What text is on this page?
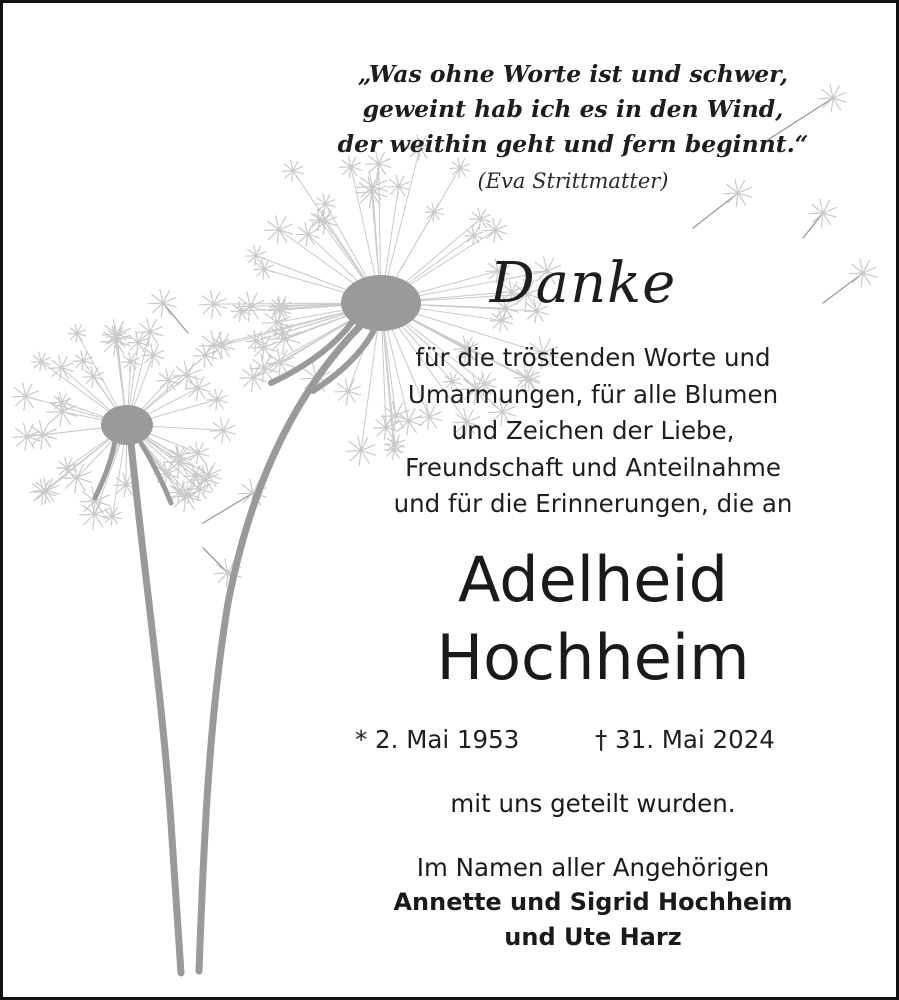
„Was ohne Worte ist und schwer,
geweint hab ich es in den Wind,
der weithin geht und fern beginnt.“
(Eva Strittmatter)
Danke
für die tröstenden Worte und
Umarmungen, für alle Blumen
und Zeichen der Liebe,
Freundschaft und Anteilnahme
und für die Erinnerungen, die an
Adelheid
Hochheim
* 2. Mai 1953	† 31. Mai 2024
mit uns geteilt wurden.
Im Namen aller Angehörigen
Annette und Sigrid Hochheim
und Ute Harz
